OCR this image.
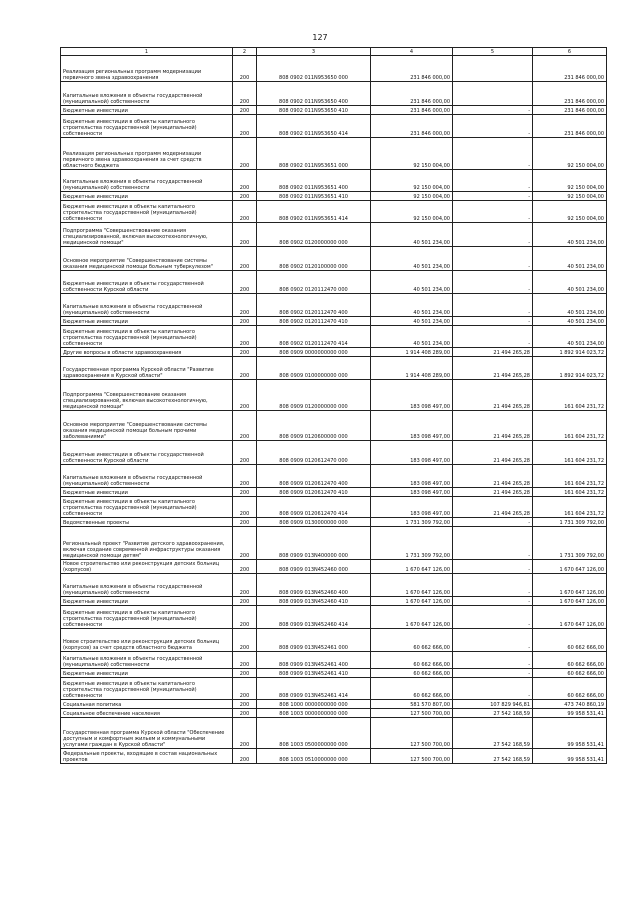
127
1	2	3	4	5	6
Реализация региональных программ модернизации первичного звена здравоохранения	200	808 0902 011N953650 000	231 846 000,00		231 846 000,00
Капитальные вложения в объекты государственной (муниципальной) собственности	200	808 0902 011N953650 400	231 846 000,00		231 846 000,00
Бюджетные инвестиции	200	808 0902 011N953650 410	231 846 000,00	-	231 846 000,00
Бюджетные инвестиции в объекты капитального строительства государственной (муниципальной) собственности	200	808 0902 011N953650 414	231 846 000,00	-	231 846 000,00
Реализация региональных программ модернизации первичного звена здравоохранения за счет средств областного бюджета	200	808 0902 011N953651 000	92 150 004,00	-	92 150 004,00
Капитальные вложения в объекты государственной (муниципальной) собственности	200	808 0902 011N953651 400	92 150 004,00	-	92 150 004,00
Бюджетные инвестиции	200	808 0902 011N953651 410	92 150 004,00	-	92 150 004,00
Бюджетные инвестиции в объекты капитального строительства государственной (муниципальной) собственности	200	808 0902 011N953651 414	92 150 004,00	-	92 150 004,00
Подпрограмма "Совершенствование оказания специализированной, включая высокотехнологичную, медицинской помощи"	200	808 0902 0120000000 000	40 501 234,00	-	40 501 234,00
Основное мероприятие "Совершенствование системы оказания медицинской помощи больным туберкулезом"	200	808 0902 0120100000 000	40 501 234,00	-	40 501 234,00
Бюджетные инвестиции в объекты государственной собственности Курской области	200	808 0902 0120112470 000	40 501 234,00	-	40 501 234,00
Капитальные вложения в объекты государственной (муниципальной) собственности	200	808 0902 0120112470 400	40 501 234,00	-	40 501 234,00
Бюджетные инвестиции	200	808 0902 0120112470 410	40 501 234,00	-	40 501 234,00
Бюджетные инвестиции в объекты капитального строительства государственной (муниципальной) собственности	200	808 0902 0120112470 414	40 501 234,00	-	40 501 234,00
Другие вопросы в области здравоохранения	200	808 0909 0000000000 000	1 914 408 289,00	21 494 265,28	1 892 914 023,72
Государственная программа Курской области "Развитие здравоохранения в Курской области"	200	808 0909 0100000000 000	1 914 408 289,00	21 494 265,28	1 892 914 023,72
Подпрограмма "Совершенствование оказания специализированной, включая высокотехнологичную, медицинской помощи"	200	808 0909 0120000000 000	183 098 497,00	21 494 265,28	161 604 231,72
Основное мероприятие "Совершенствование системы оказания медицинской помощи больным прочими заболеваниями"	200	808 0909 0120600000 000	183 098 497,00	21 494 265,28	161 604 231,72
Бюджетные инвестиции в объекты государственной собственности Курской области	200	808 0909 0120612470 000	183 098 497,00	21 494 265,28	161 604 231,72
Капитальные вложения в объекты государственной (муниципальной) собственности	200	808 0909 0120612470 400	183 098 497,00	21 494 265,28	161 604 231,72
Бюджетные инвестиции	200	808 0909 0120612470 410	183 098 497,00	21 494 265,28	161 604 231,72
Бюджетные инвестиции в объекты капитального строительства государственной (муниципальной) собственности	200	808 0909 0120612470 414	183 098 497,00	21 494 265,28	161 604 231,72
Ведомственные проекты	200	808 0909 0130000000 000	1 731 309 792,00	-	1 731 309 792,00
Региональный проект "Развитие детского здравоохранения, включая создание современной инфраструктуры оказания медицинской помощи детям"	200	808 0909 013N400000 000	1 731 309 792,00	-	1 731 309 792,00
Новое строительство или реконструкция детских больниц (корпусов)	200	808 0909 013N452460 000	1 670 647 126,00	-	1 670 647 126,00
Капитальные вложения в объекты государственной (муниципальной) собственности	200	808 0909 013N452460 400	1 670 647 126,00	-	1 670 647 126,00
Бюджетные инвестиции	200	808 0909 013N452460 410	1 670 647 126,00	-	1 670 647 126,00
Бюджетные инвестиции в объекты капитального строительства государственной (муниципальной) собственности	200	808 0909 013N452460 414	1 670 647 126,00	-	1 670 647 126,00
Новое строительство или реконструкция детских больниц (корпусов) за счет средств областного бюджета	200	808 0909 013N452461 000	60 662 666,00	-	60 662 666,00
Капитальные вложения в объекты государственной (муниципальной) собственности	200	808 0909 013N452461 400	60 662 666,00	-	60 662 666,00
Бюджетные инвестиции	200	808 0909 013N452461 410	60 662 666,00	-	60 662 666,00
Бюджетные инвестиции в объекты капитального строительства государственной (муниципальной) собственности	200	808 0909 013N452461 414	60 662 666,00	-	60 662 666,00
Социальная политика	200	808 1000 0000000000 000	581 570 807,00	107 829 946,81	473 740 860,19
Социальное обеспечение населения	200	808 1003 0000000000 000	127 500 700,00	27 542 168,59	99 958 531,41
Государственная программа Курской области "Обеспечение доступным и комфортным жильем и коммунальными услугами граждан в Курской области"	200	808 1003 0500000000 000	127 500 700,00	27 542 168,59	99 958 531,41
Федеральные проекты, входящие в состав национальных проектов	200	808 1003 0510000000 000	127 500 700,00	27 542 168,59	99 958 531,41
